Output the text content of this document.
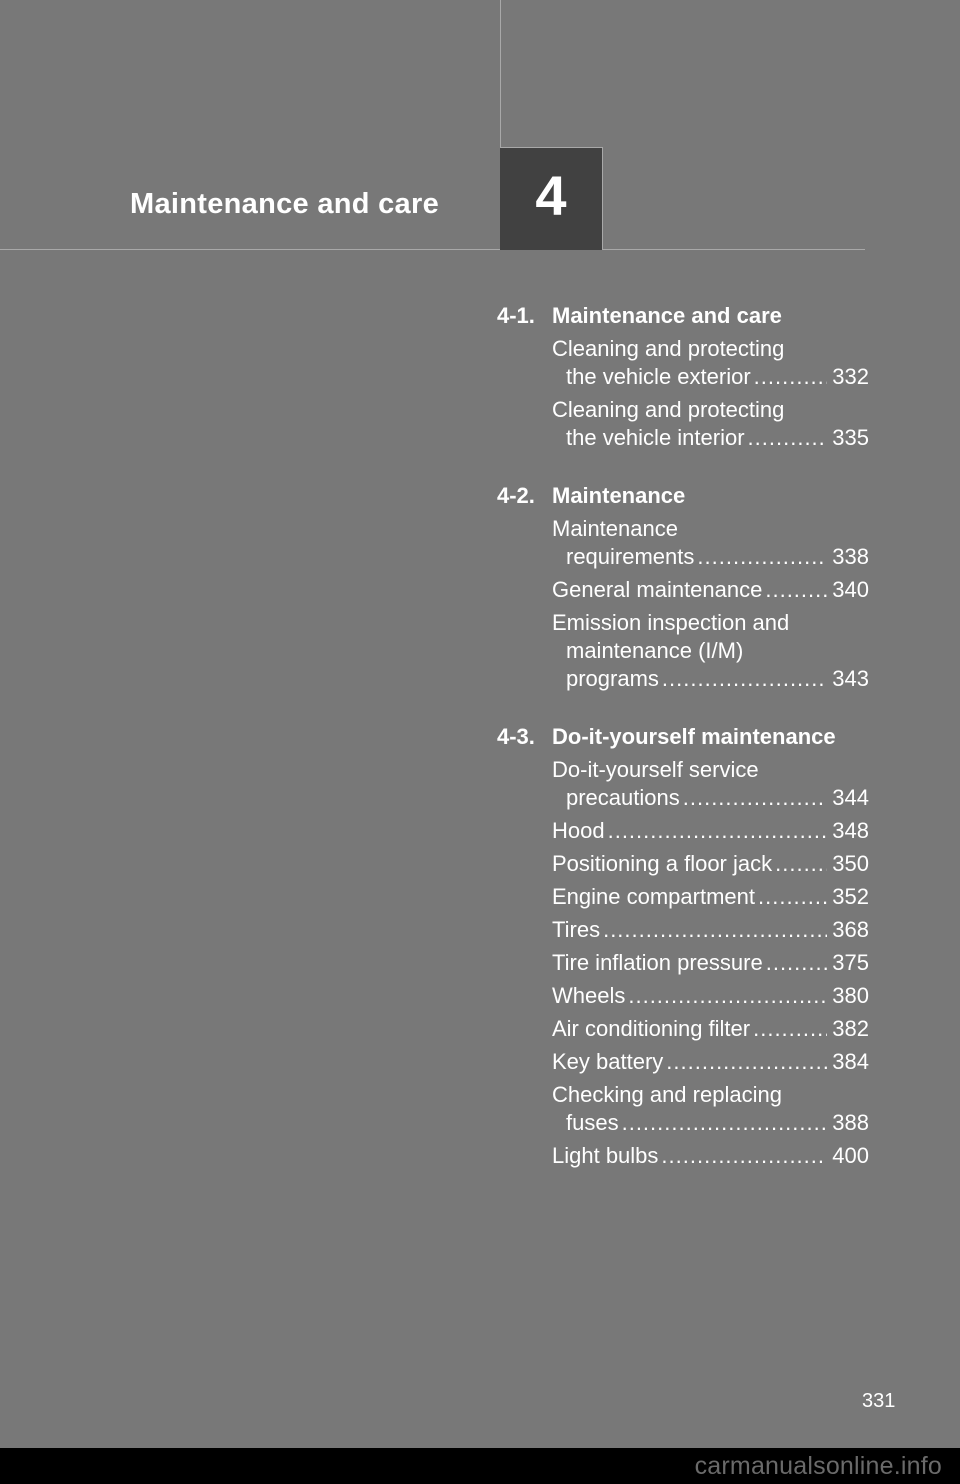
Maintenance and care	4
4-1. Maintenance and care
Cleaning and protecting
the vehicle exterior .....	332
Cleaning and protecting
the vehicle interior .....	335
4-2. Maintenance
Maintenance
requirements .....	338
General maintenance .....	340
Emission inspection and
maintenance (I/M)
programs .....	343
4-3. Do-it-yourself maintenance
Do-it-yourself service
precautions .....	344
Hood .....	348
Positioning a floor jack .....	350
Engine compartment .....	352
Tires .....	368
Tire inflation pressure .....	375
Wheels .....	380
Air conditioning filter .....	382
Key battery .....	384
Checking and replacing
fuses .....	388
Light bulbs .....	400
331
carmanualsonline.info
